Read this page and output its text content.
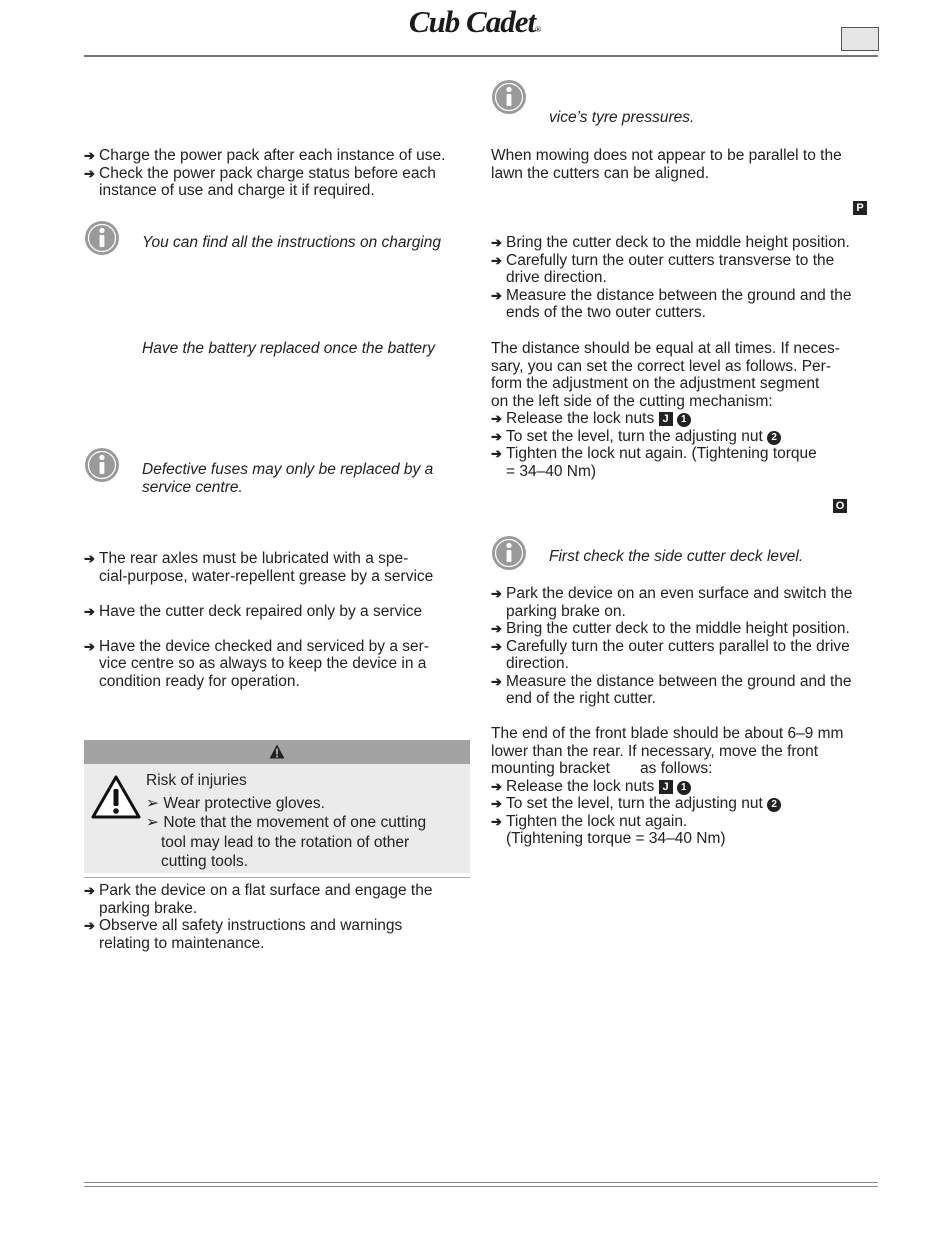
Cub Cadet®
➔ Charge the power pack after each instance of use.
➔ Check the power pack charge status before each
instance of use and charge it if required.
You can find all the instructions on charging
Have the battery replaced once the battery
Defective fuses may only be replaced by a
service centre.
➔ The rear axles must be lubricated with a spe-
cial-purpose, water-repellent grease by a service
➔ Have the cutter deck repaired only by a service
➔ Have the device checked and serviced by a ser-
vice centre so as always to keep the device in a
condition ready for operation.
Risk of injuries
➢ Wear protective gloves.
➢ Note that the movement of one cutting
tool may lead to the rotation of other
cutting tools.
➔ Park the device on a flat surface and engage the
parking brake.
➔ Observe all safety instructions and warnings
relating to maintenance.
vice’s tyre pressures.
When mowing does not appear to be parallel to the
lawn the cutters can be aligned.
P
➔ Bring the cutter deck to the middle height position.
➔ Carefully turn the outer cutters transverse to the
drive direction.
➔ Measure the distance between the ground and the
ends of the two outer cutters.
The distance should be equal at all times. If neces-
sary, you can set the correct level as follows. Per-
form the adjustment on the adjustment segment
on the left side of the cutting mechanism:
➔ Release the lock nuts J 1
➔ To set the level, turn the adjusting nut 2
➔ Tighten the lock nut again. (Tightening torque
= 34–40 Nm)
O
First check the side cutter deck level.
➔ Park the device on an even surface and switch the
parking brake on.
➔ Bring the cutter deck to the middle height position.
➔ Carefully turn the outer cutters parallel to the drive
direction.
➔ Measure the distance between the ground and the
end of the right cutter.
The end of the front blade should be about 6–9 mm
lower than the rear. If necessary, move the front
mounting bracket       as follows:
➔ Release the lock nuts J 1
➔ To set the level, turn the adjusting nut 2
➔ Tighten the lock nut again.
(Tightening torque = 34–40 Nm)
